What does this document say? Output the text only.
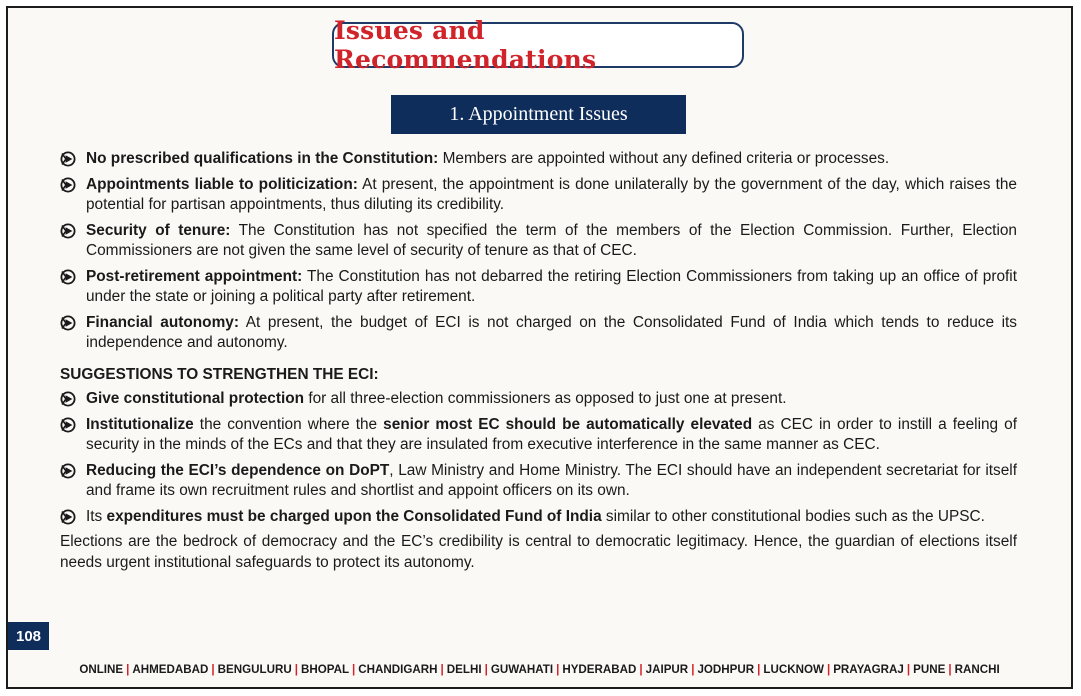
Issues and Recommendations
1. Appointment Issues
No prescribed qualifications in the Constitution: Members are appointed without any defined criteria or processes.
Appointments liable to politicization: At present, the appointment is done unilaterally by the government of the day, which raises the potential for partisan appointments, thus diluting its credibility.
Security of tenure: The Constitution has not specified the term of the members of the Election Commission. Further, Election Commissioners are not given the same level of security of tenure as that of CEC.
Post-retirement appointment: The Constitution has not debarred the retiring Election Commissioners from taking up an office of profit under the state or joining a political party after retirement.
Financial autonomy: At present, the budget of ECI is not charged on the Consolidated Fund of India which tends to reduce its independence and autonomy.
SUGGESTIONS TO STRENGTHEN THE ECI:
Give constitutional protection for all three-election commissioners as opposed to just one at present.
Institutionalize the convention where the senior most EC should be automatically elevated as CEC in order to instill a feeling of security in the minds of the ECs and that they are insulated from executive interference in the same manner as CEC.
Reducing the ECI’s dependence on DoPT, Law Ministry and Home Ministry. The ECI should have an independent secretariat for itself and frame its own recruitment rules and shortlist and appoint officers on its own.
Its expenditures must be charged upon the Consolidated Fund of India similar to other constitutional bodies such as the UPSC.
Elections are the bedrock of democracy and the EC’s credibility is central to democratic legitimacy. Hence, the guardian of elections itself needs urgent institutional safeguards to protect its autonomy.
108
ONLINE | AHMEDABAD | BENGULURU | BHOPAL | CHANDIGARH | DELHI | GUWAHATI | HYDERABAD | JAIPUR | JODHPUR | LUCKNOW | PRAYAGRAJ | PUNE | RANCHI
